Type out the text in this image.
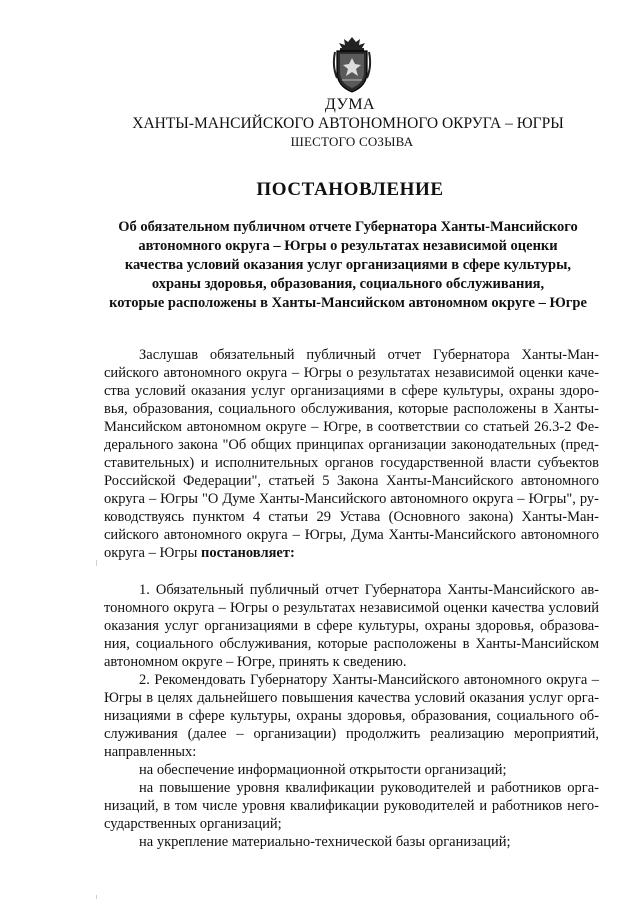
ДУМА
ХАНТЫ-МАНСИЙСКОГО АВТОНОМНОГО ОКРУГА – ЮГРЫ
ШЕСТОГО СОЗЫВА
ПОСТАНОВЛЕНИЕ
Об обязательном публичном отчете Губернатора Ханты-Мансийского
автономного округа – Югры о результатах независимой оценки
качества условий оказания услуг организациями в сфере культуры,
охраны здоровья, образования, социального обслуживания,
которые расположены в Ханты-Мансийском автономном округе – Югре
Заслушав обязательный публичный отчет Губернатора Ханты-Ман-
сийского автономного округа – Югры о результатах независимой оценки каче-
ства условий оказания услуг организациями в сфере культуры, охраны здоро-
вья, образования, социального обслуживания, которые расположены в Ханты-
Мансийском автономном округе – Югре, в соответствии со статьей 26.3-2 Фе-
дерального закона "Об общих принципах организации законодательных (пред-
ставительных) и исполнительных органов государственной власти субъектов
Российской Федерации", статьей 5 Закона Ханты-Мансийского автономного
округа – Югры "О Думе Ханты-Мансийского автономного округа – Югры", ру-
ководствуясь пунктом 4 статьи 29 Устава (Основного закона) Ханты-Ман-
сийского автономного округа – Югры, Дума Ханты-Мансийского автономного
округа – Югры постановляет:
1. Обязательный публичный отчет Губернатора Ханты-Мансийского ав-
тономного округа – Югры о результатах независимой оценки качества условий
оказания услуг организациями в сфере культуры, охраны здоровья, образова-
ния, социального обслуживания, которые расположены в Ханты-Мансийском
автономном округе – Югре, принять к сведению.
2. Рекомендовать Губернатору Ханты-Мансийского автономного округа –
Югры в целях дальнейшего повышения качества условий оказания услуг орга-
низациями в сфере культуры, охраны здоровья, образования, социального об-
служивания (далее – организации) продолжить реализацию мероприятий,
направленных:
на обеспечение информационной открытости организаций;
на повышение уровня квалификации руководителей и работников орга-
низаций, в том числе уровня квалификации руководителей и работников него-
сударственных организаций;
на укрепление материально-технической базы организаций;
